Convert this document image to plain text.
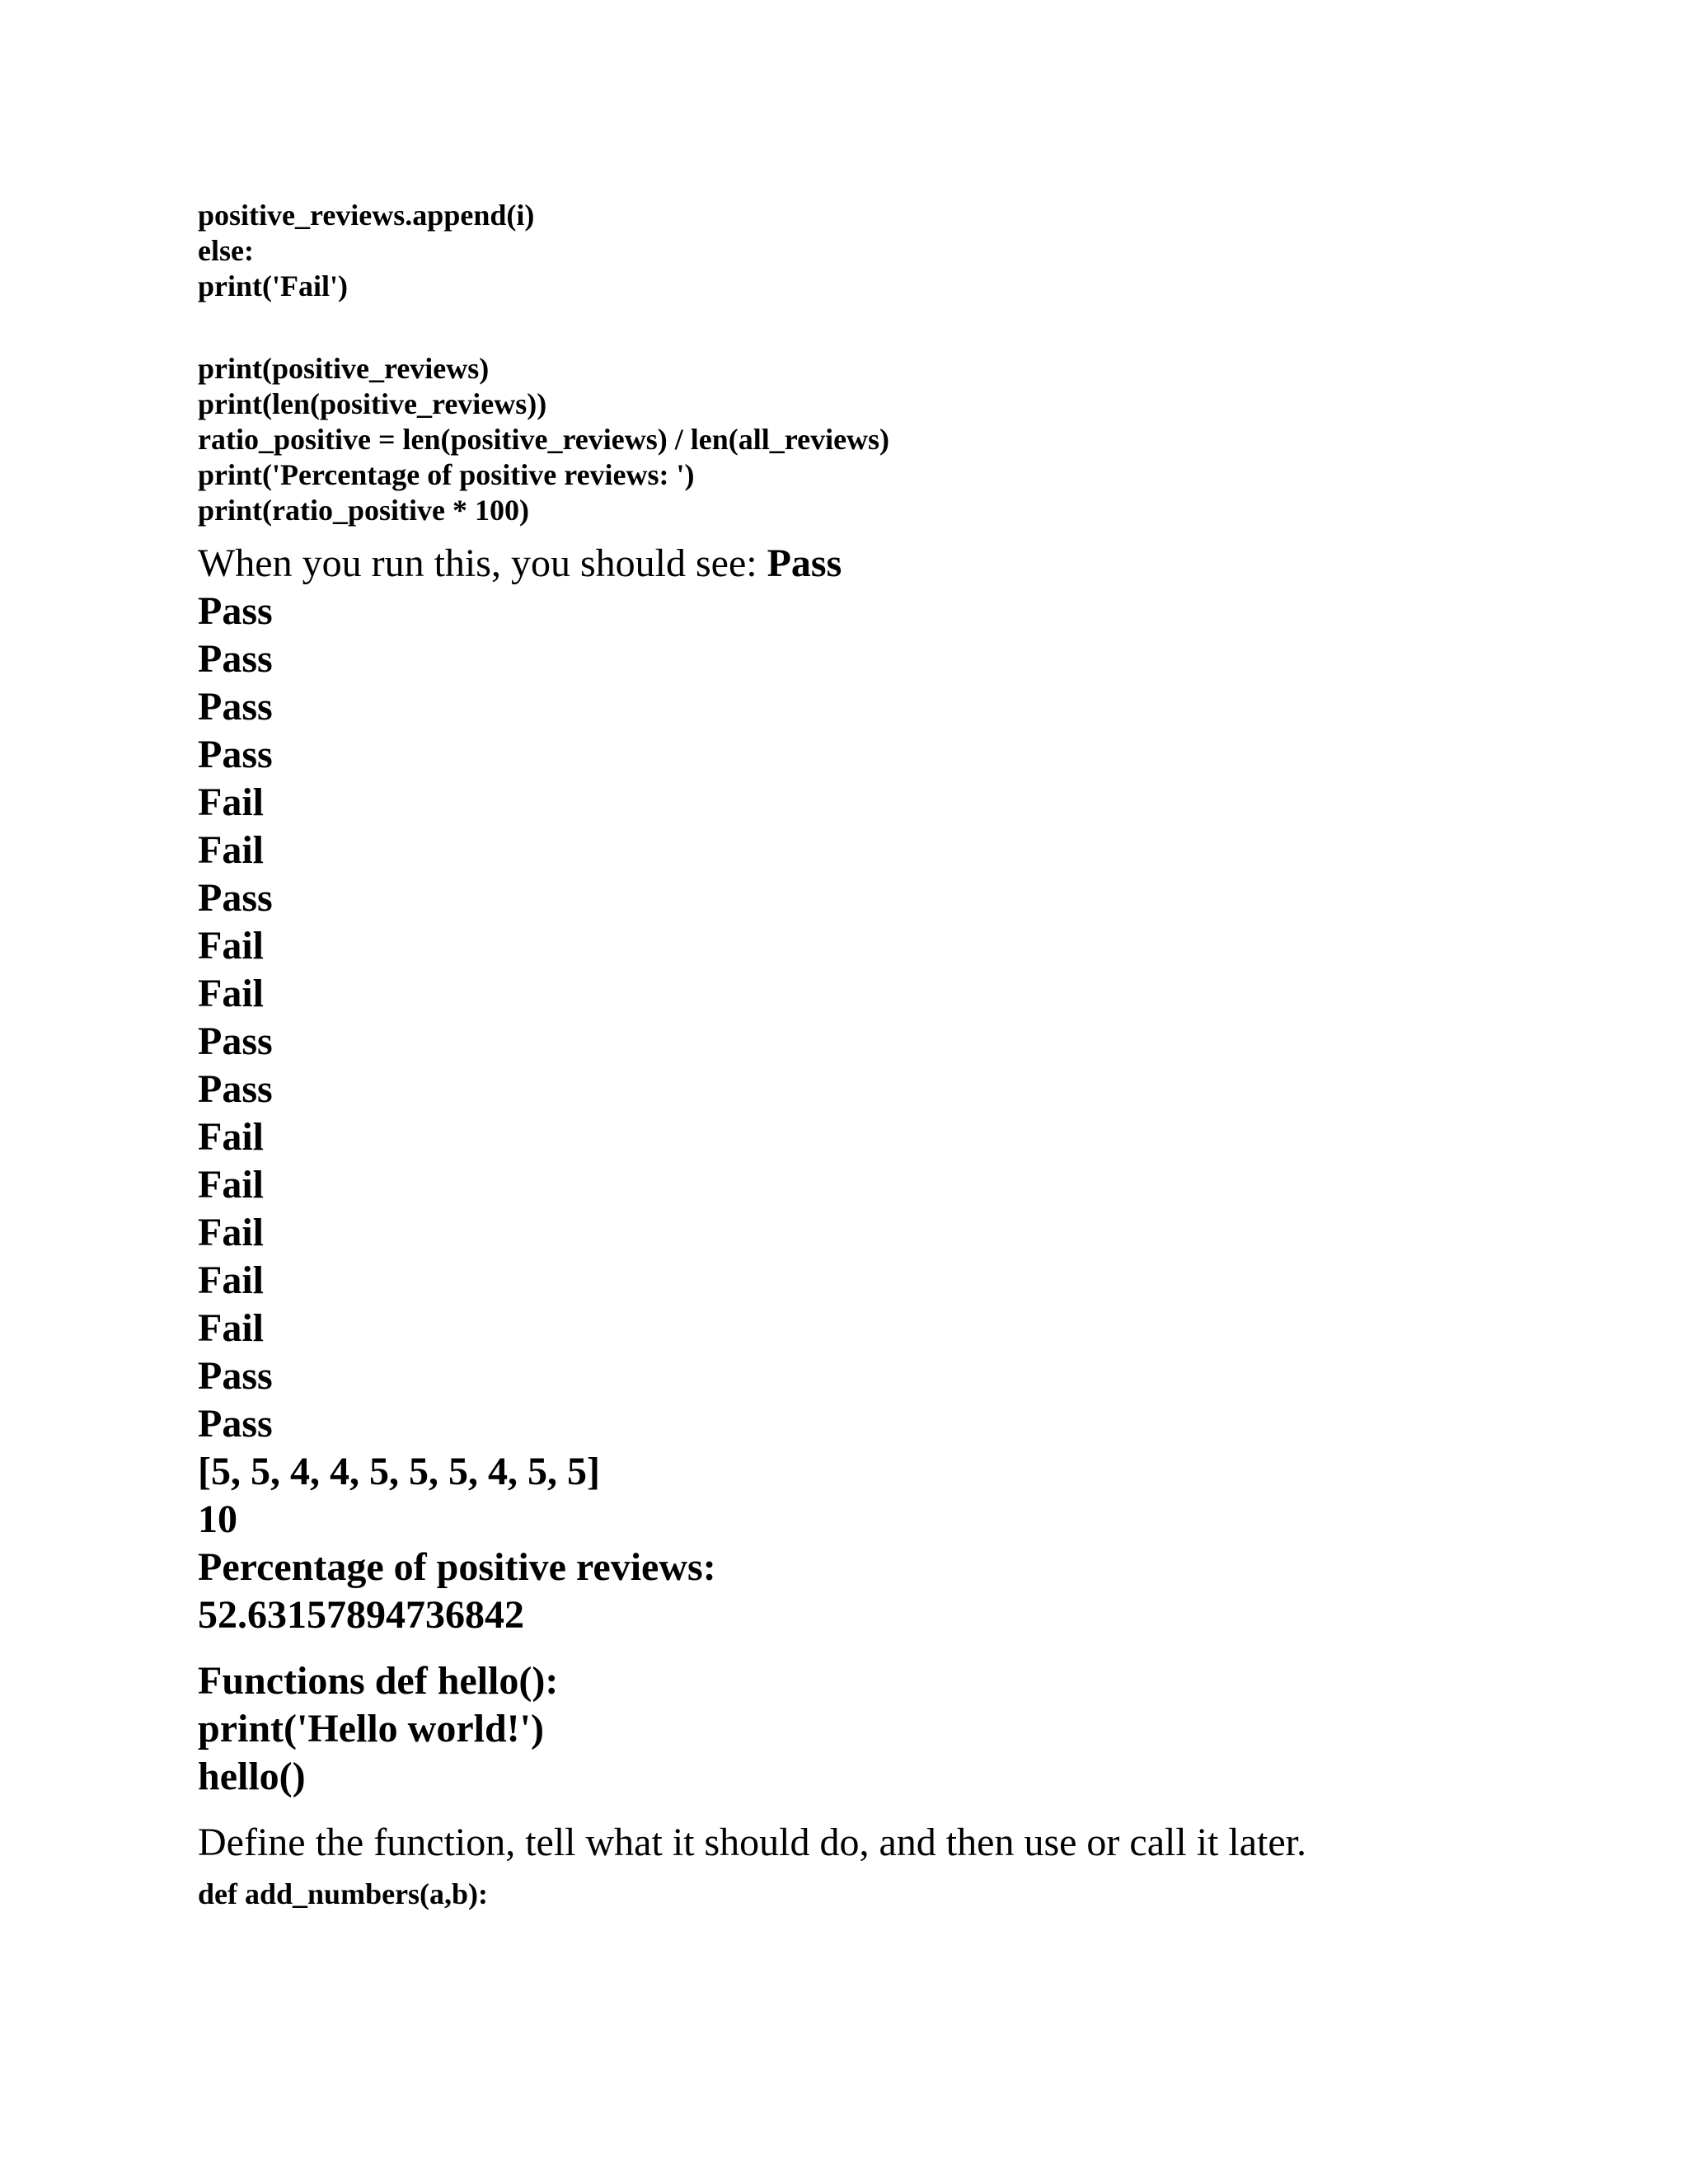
positive_reviews.append(i)
else:
print('Fail')
print(positive_reviews)
print(len(positive_reviews))
ratio_positive = len(positive_reviews) / len(all_reviews)
print('Percentage of positive reviews: ')
print(ratio_positive * 100)
When you run this, you should see: Pass
Pass
Pass
Pass
Pass
Fail
Fail
Pass
Fail
Fail
Pass
Pass
Fail
Fail
Fail
Fail
Fail
Pass
Pass
[5, 5, 4, 4, 5, 5, 5, 4, 5, 5]
10
Percentage of positive reviews:
52.63157894736842
Functions def hello():
print('Hello world!')
hello()
Define the function, tell what it should do, and then use or call it later.
def add_numbers(a,b):
